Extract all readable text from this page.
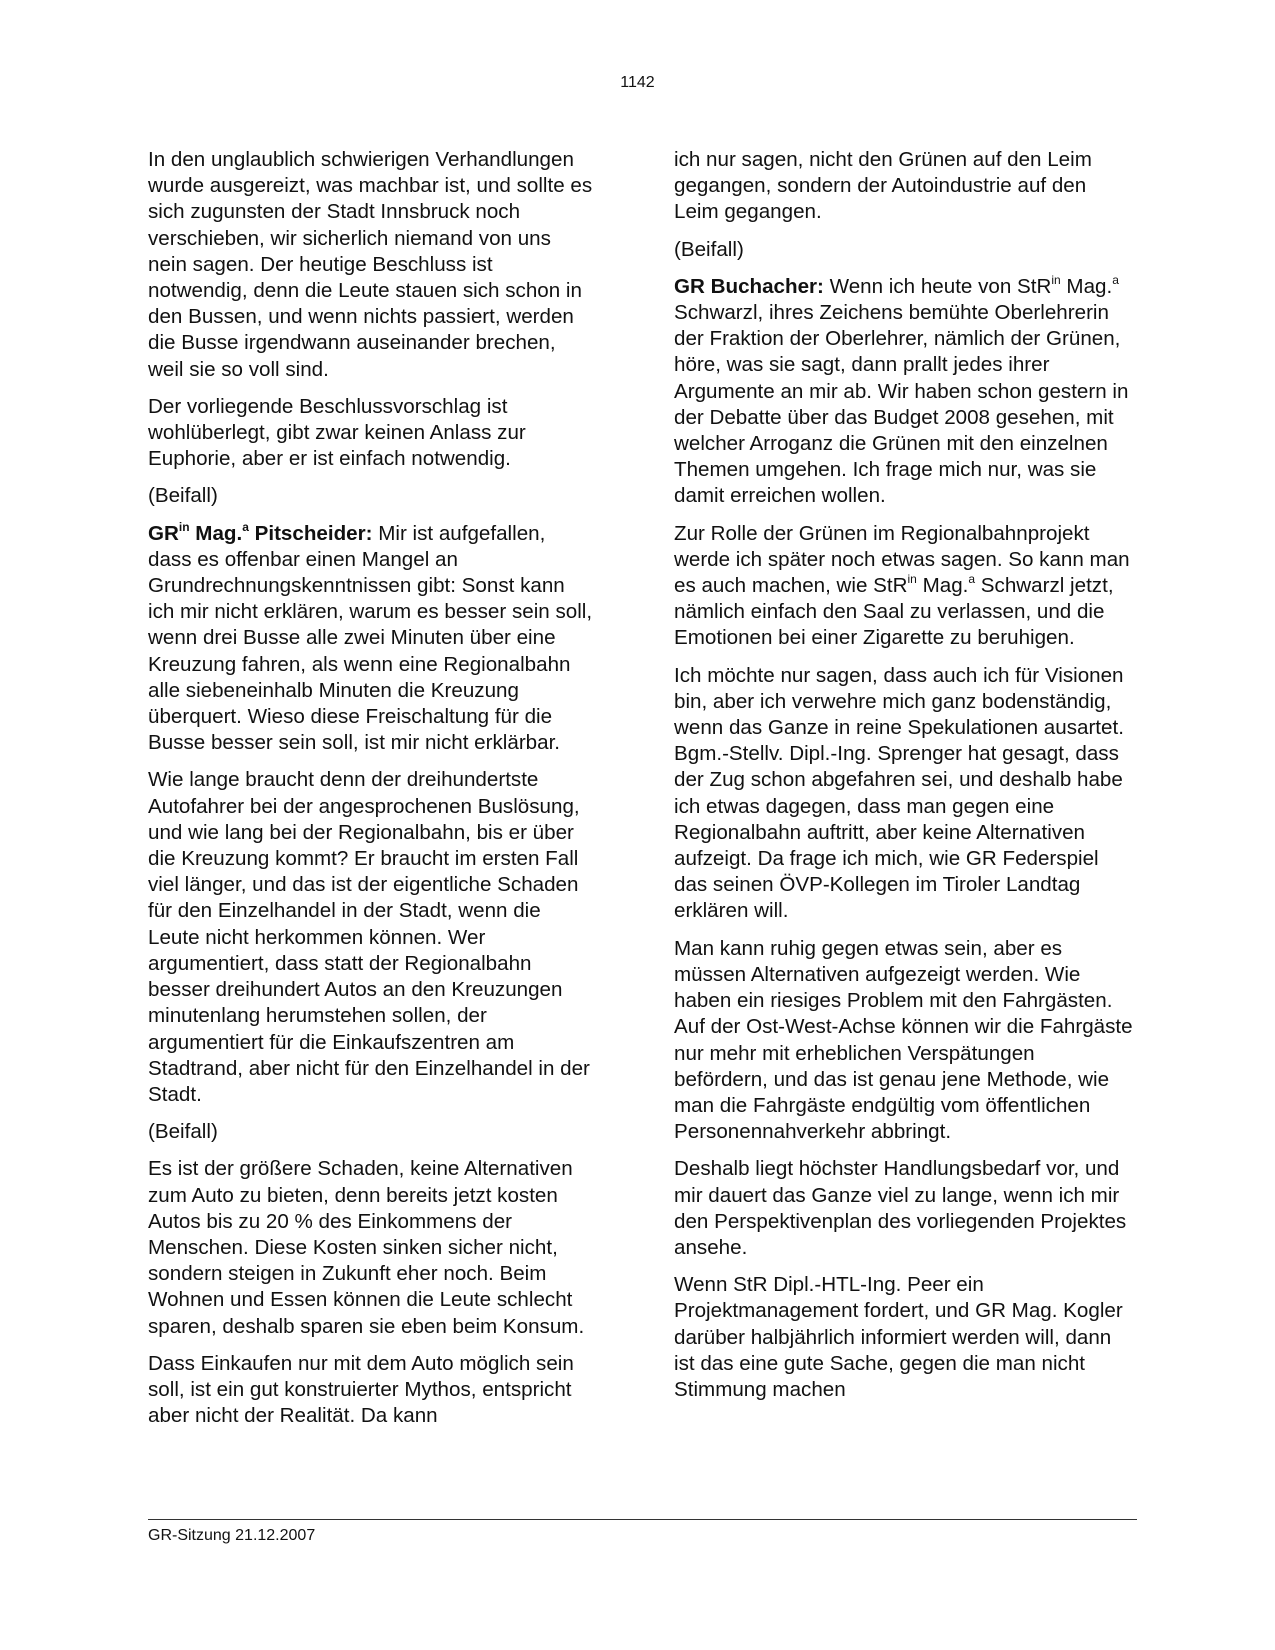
1142

In den unglaublich schwierigen Verhandlungen wurde ausgereizt, was machbar ist, und sollte es sich zugunsten der Stadt Innsbruck noch verschieben, wir sicherlich niemand von uns nein sagen. Der heutige Beschluss ist notwendig, denn die Leute stauen sich schon in den Bussen, und wenn nichts passiert, werden die Busse irgendwann auseinander brechen, weil sie so voll sind.

Der vorliegende Beschlussvorschlag ist wohlüberlegt, gibt zwar keinen Anlass zur Euphorie, aber er ist einfach notwendig.

(Beifall)

$GR^{in}$ Mag.$^a$ Pitscheider: Mir ist aufgefallen, dass es offenbar einen Mangel an Grundrechnungskenntnissen gibt: Sonst kann ich mir nicht erklären, warum es besser sein soll, wenn drei Busse alle zwei Minuten über eine Kreuzung fahren, als wenn eine Regionalbahn alle siebeneinhalb Minuten die Kreuzung überquert. Wieso diese Freischaltung für die Busse besser sein soll, ist mir nicht erklärbar.

Wie lange braucht denn der dreihundertste Autofahrer bei der angesprochenen Buslösung, und wie lang bei der Regionalbahn, bis er über die Kreuzung kommt? Er braucht im ersten Fall viel länger, und das ist der eigentliche Schaden für den Einzelhandel in der Stadt, wenn die Leute nicht herkommen können. Wer argumentiert, dass statt der Regionalbahn besser dreihundert Autos an den Kreuzungen minutenlang herumstehen sollen, der argumentiert für die Einkaufszentren am Stadtrand, aber nicht für den Einzelhandel in der Stadt.

(Beifall)

Es ist der größere Schaden, keine Alternativen zum Auto zu bieten, denn bereits jetzt kosten Autos bis zu 20 % des Einkommens der Menschen. Diese Kosten sinken sicher nicht, sondern steigen in Zukunft eher noch. Beim Wohnen und Essen können die Leute schlecht sparen, deshalb sparen sie eben beim Konsum.

Dass Einkaufen nur mit dem Auto möglich sein soll, ist ein gut konstruierter Mythos, entspricht aber nicht der Realität. Da kann

ich nur sagen, nicht den Grünen auf den Leim gegangen, sondern der Autoindustrie auf den Leim gegangen.

(Beifall)

GR Buchacher: Wenn ich heute von StR$^{in}$ Mag.$^a$ Schwarzl, ihres Zeichens bemühte Oberlehrerin der Fraktion der Oberlehrer, nämlich der Grünen, höre, was sie sagt, dann prallt jedes ihrer Argumente an mir ab. Wir haben schon gestern in der Debatte über das Budget 2008 gesehen, mit welcher Arroganz die Grünen mit den einzelnen Themen umgehen. Ich frage mich nur, was sie damit erreichen wollen.

Zur Rolle der Grünen im Regionalbahnprojekt werde ich später noch etwas sagen. So kann man es auch machen, wie StR$^{in}$ Mag.$^a$ Schwarzl jetzt, nämlich einfach den Saal zu verlassen, und die Emotionen bei einer Zigarette zu beruhigen.

Ich möchte nur sagen, dass auch ich für Visionen bin, aber ich verwehre mich ganz bodenständig, wenn das Ganze in reine Spekulationen ausartet. Bgm.-Stellv. Dipl.-Ing. Sprenger hat gesagt, dass der Zug schon abgefahren sei, und deshalb habe ich etwas dagegen, dass man gegen eine Regionalbahn auftritt, aber keine Alternativen aufzeigt. Da frage ich mich, wie GR Federspiel das seinen ÖVP-Kollegen im Tiroler Landtag erklären will.

Man kann ruhig gegen etwas sein, aber es müssen Alternativen aufgezeigt werden. Wie haben ein riesiges Problem mit den Fahrgästen. Auf der Ost-West-Achse können wir die Fahrgäste nur mehr mit erheblichen Verspätungen befördern, und das ist genau jene Methode, wie man die Fahrgäste endgültig vom öffentlichen Personennahverkehr abbringt.

Deshalb liegt höchster Handlungsbedarf vor, und mir dauert das Ganze viel zu lange, wenn ich mir den Perspektivenplan des vorliegenden Projektes ansehe.

Wenn StR Dipl.-HTL-Ing. Peer ein Projektmanagement fordert, und GR Mag. Kogler darüber halbjährlich informiert werden will, dann ist das eine gute Sache, gegen die man nicht Stimmung machen

GR-Sitzung 21.12.2007
